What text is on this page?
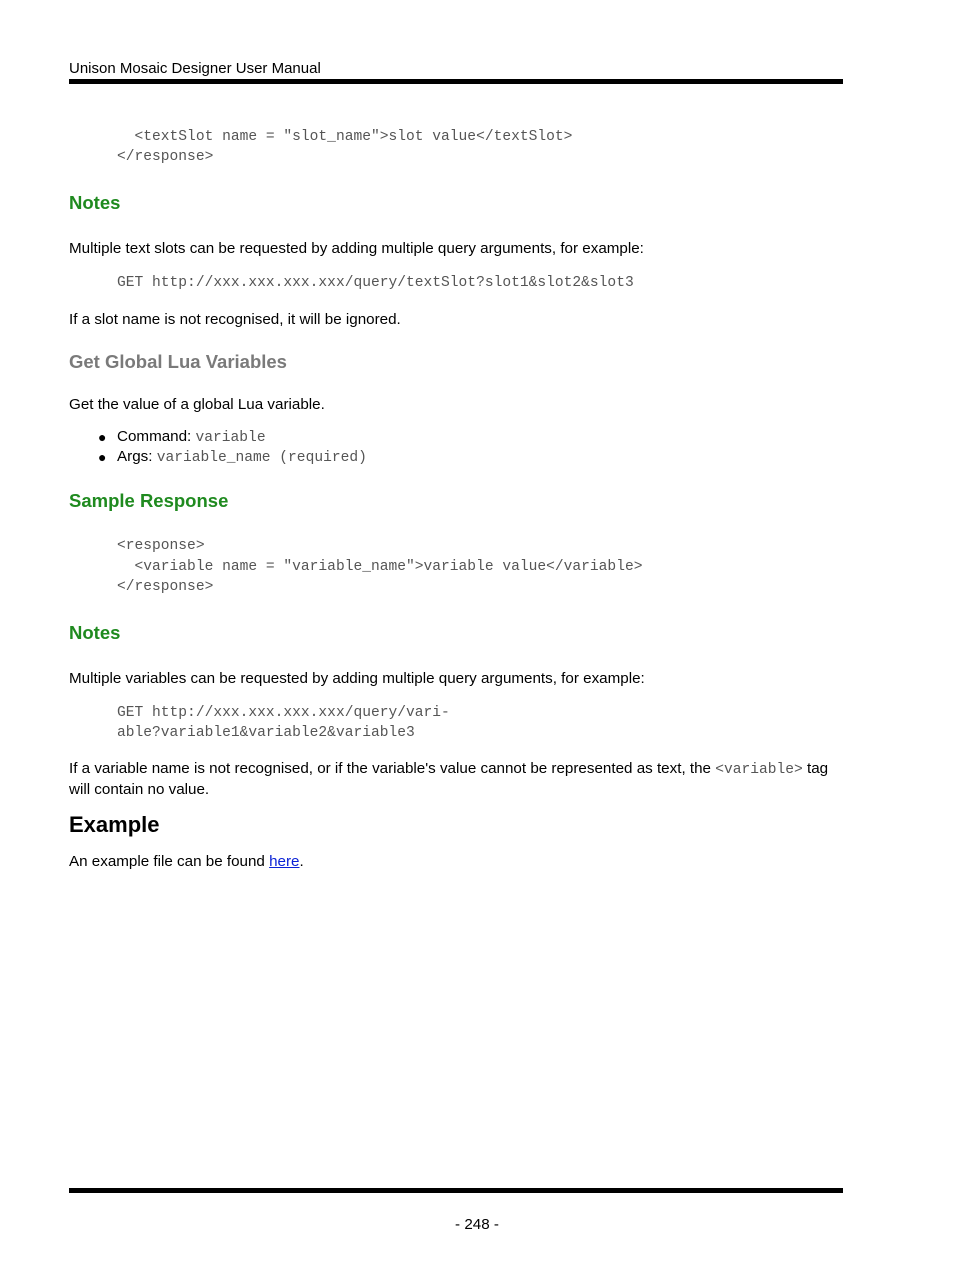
Unison Mosaic Designer User Manual
<textSlot name = "slot_name">slot value</textSlot>
</response>
Notes
Multiple text slots can be requested by adding multiple query arguments, for example:
GET http://xxx.xxx.xxx.xxx/query/textSlot?slot1&slot2&slot3
If a slot name is not recognised, it will be ignored.
Get Global Lua Variables
Get the value of a global Lua variable.
● Command: variable
● Args: variable_name (required)
Sample Response
<response>
<variable name = "variable_name">variable value</variable>
</response>
Notes
Multiple variables can be requested by adding multiple query arguments, for example:
GET http://xxx.xxx.xxx.xxx/query/vari-
able?variable1&variable2&variable3
If a variable name is not recognised, or if the variable's value cannot be represented as text, the <variable> tag
will contain no value.
Example
An example file can be found here.
- 248 -
